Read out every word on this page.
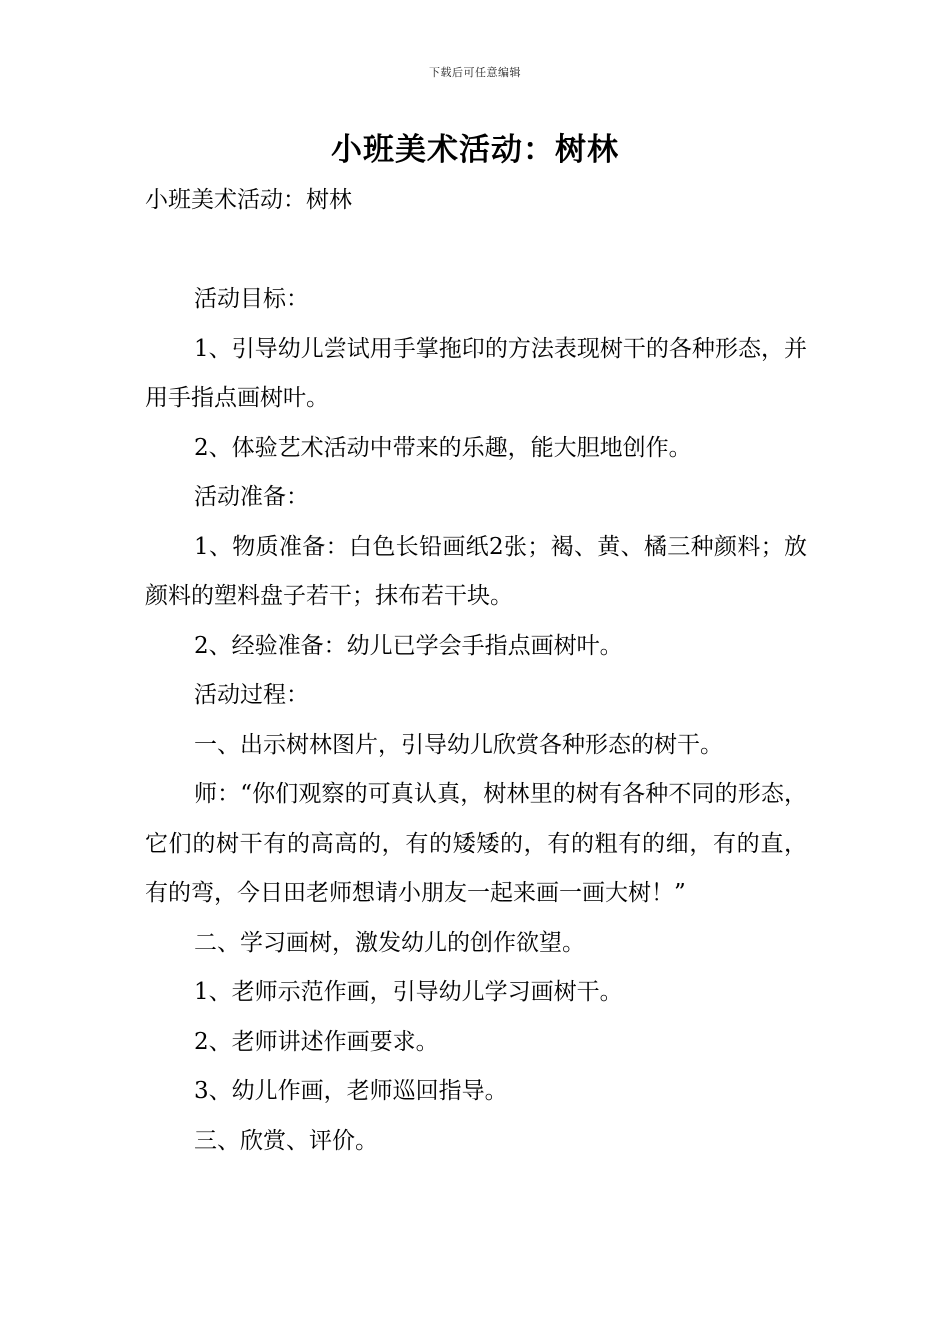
下载后可任意编辑
小班美术活动：树林

小班美术活动：树林

活动目标：

1、引导幼儿尝试用手掌拖印的方法表现树干的各种形态，并用手指点画树叶。

2、体验艺术活动中带来的乐趣，能大胆地创作。

活动准备：

1、物质准备：白色长铅画纸2张；褐、黄、橘三种颜料；放颜料的塑料盘子若干；抹布若干块。

2、经验准备：幼儿已学会手指点画树叶。

活动过程：

一、出示树林图片，引导幼儿欣赏各种形态的树干。

师：“你们观察的可真认真，树林里的树有各种不同的形态，它们的树干有的高高的，有的矮矮的，有的粗有的细，有的直，有的弯，今日田老师想请小朋友一起来画一画大树！”

二、学习画树，激发幼儿的创作欲望。

1、老师示范作画，引导幼儿学习画树干。

2、老师讲述作画要求。

3、幼儿作画，老师巡回指导。

三、欣赏、评价。
